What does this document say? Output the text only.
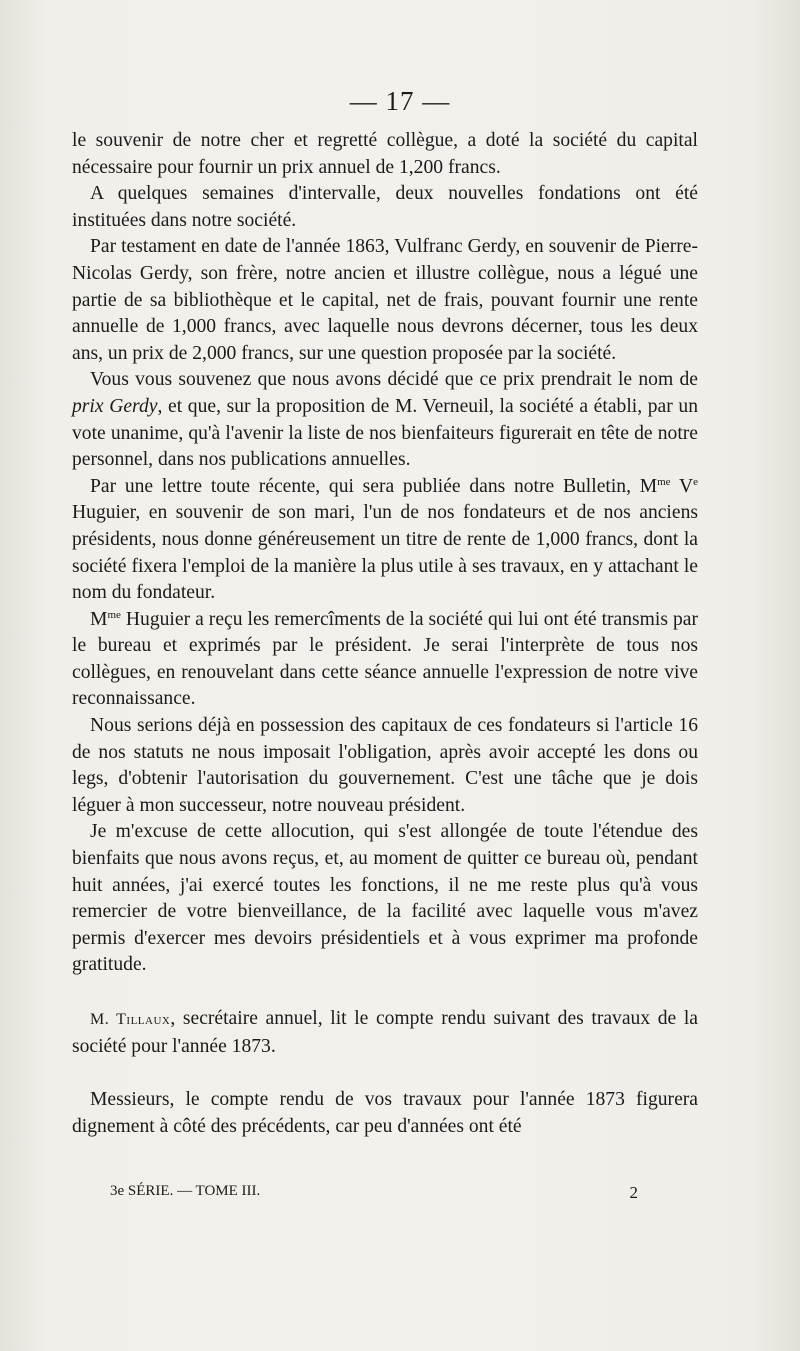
— 17 —

le souvenir de notre cher et regretté collègue, a doté la société du capital nécessaire pour fournir un prix annuel de 1,200 francs.

A quelques semaines d'intervalle, deux nouvelles fondations ont été instituées dans notre société.

Par testament en date de l'année 1863, Vulfranc Gerdy, en souvenir de Pierre-Nicolas Gerdy, son frère, notre ancien et illustre collègue, nous a légué une partie de sa bibliothèque et le capital, net de frais, pouvant fournir une rente annuelle de 1,000 francs, avec laquelle nous devrons décerner, tous les deux ans, un prix de 2,000 francs, sur une question proposée par la société.

Vous vous souvenez que nous avons décidé que ce prix prendrait le nom de prix Gerdy, et que, sur la proposition de M. Verneuil, la société a établi, par un vote unanime, qu'à l'avenir la liste de nos bienfaiteurs figurerait en tête de notre personnel, dans nos publications annuelles.

Par une lettre toute récente, qui sera publiée dans notre Bulletin, $M^{me}$ Ve Huguier, en souvenir de son mari, l'un de nos fondateurs et de nos anciens présidents, nous donne généreusement un titre de rente de 1,000 francs, dont la société fixera l'emploi de la manière la plus utile à ses travaux, en y attachant le nom du fondateur.

$M^{me}$ Huguier a reçu les remercîments de la société qui lui ont été transmis par le bureau et exprimés par le président. Je serai l'interprète de tous nos collègues, en renouvelant dans cette séance annuelle l'expression de notre vive reconnaissance.

Nous serions déjà en possession des capitaux de ces fondateurs si l'article 16 de nos statuts ne nous imposait l'obligation, après avoir accepté les dons ou legs, d'obtenir l'autorisation du gouvernement. C'est une tâche que je dois léguer à mon successeur, notre nouveau président.

Je m'excuse de cette allocution, qui s'est allongée de toute l'étendue des bienfaits que nous avons reçus, et, au moment de quitter ce bureau où, pendant huit années, j'ai exercé toutes les fonctions, il ne me reste plus qu'à vous remercier de votre bienveillance, de la facilité avec laquelle vous m'avez permis d'exercer mes devoirs présidentiels et à vous exprimer ma profonde gratitude.

M. Tillaux, secrétaire annuel, lit le compte rendu suivant des travaux de la société pour l'année 1873.

Messieurs, le compte rendu de vos travaux pour l'année 1873 figurera dignement à côté des précédents, car peu d'années ont été

3e SÉRIE. — TOME III.	2
